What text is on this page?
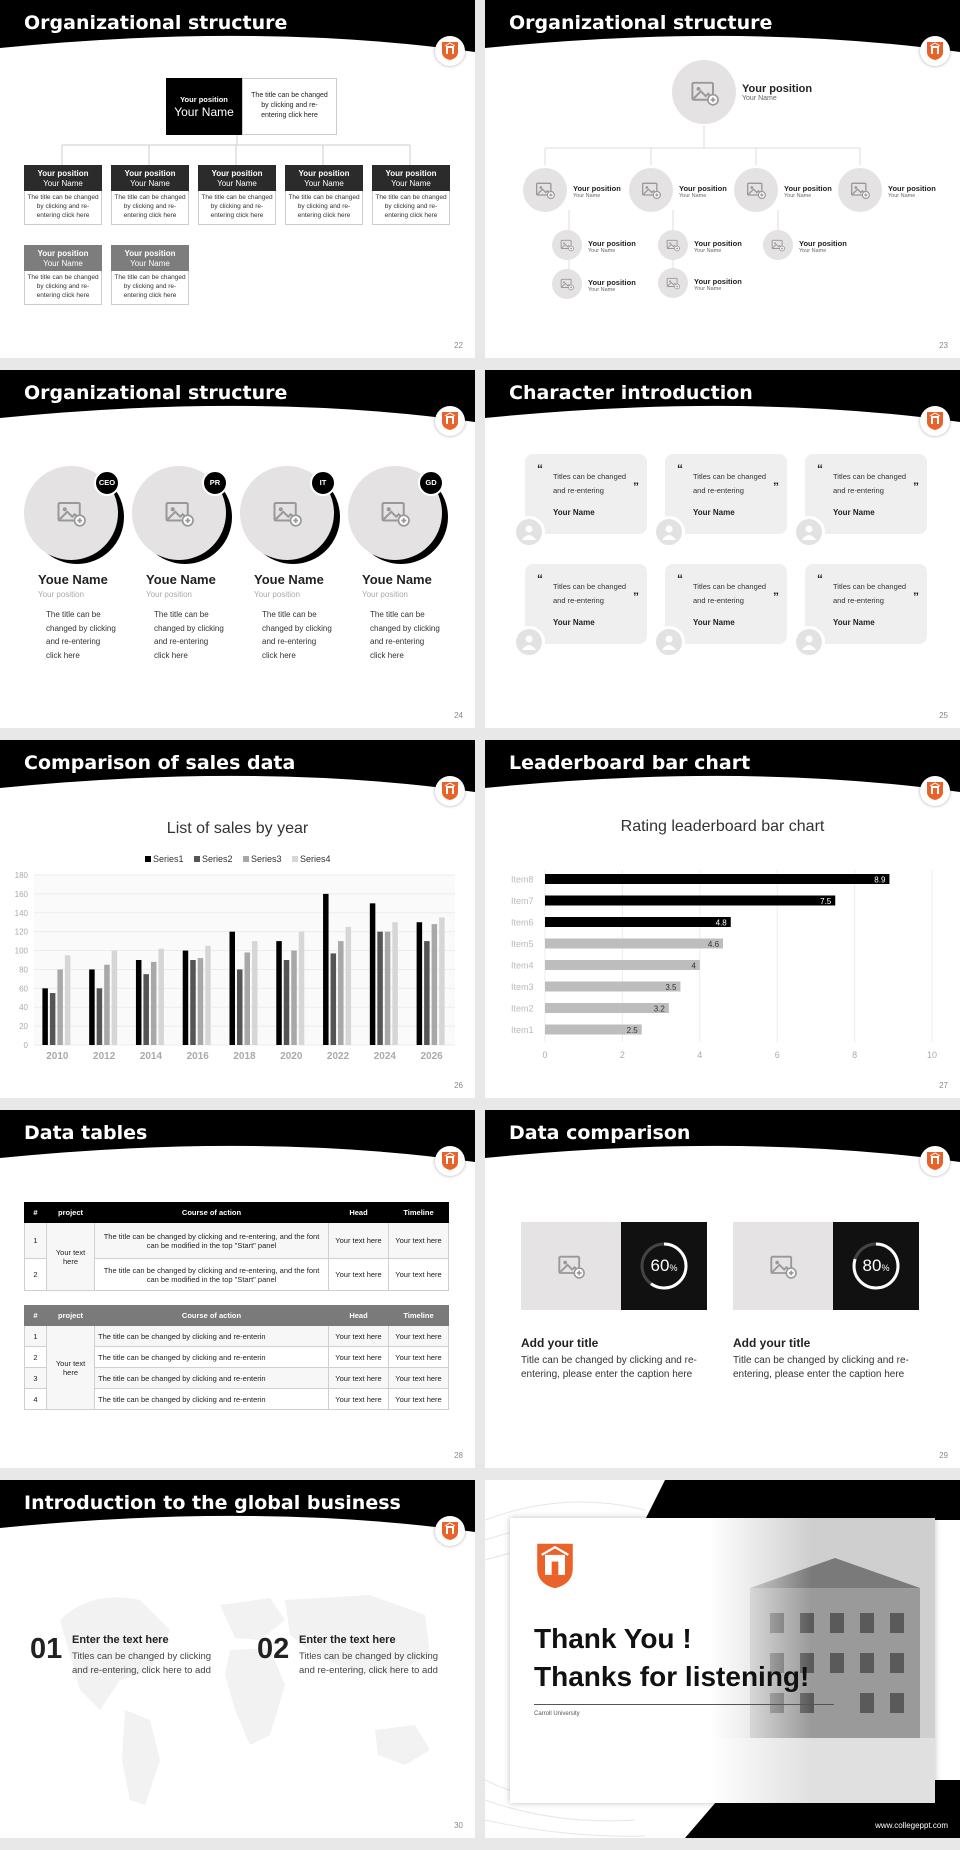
Organizational structure
Your position
Your Name
The title can be changed by clicking and re-entering click here
Your position
Your Name
The title can be changed by clicking and re-entering click here
Your position
Your Name
The title can be changed by clicking and re-entering click here
Your position
Your Name
The title can be changed by clicking and re-entering click here
Your position
Your Name
The title can be changed by clicking and re-entering click here
Your position
Your Name
The title can be changed by clicking and re-entering click here
Your position
Your Name
The title can be changed by clicking and re-entering click here
Your position
Your Name
The title can be changed by clicking and re-entering click here
22
Organizational structure
Your position
Your Name
Your position
Your Name
Your position
Your Name
Your position
Your Name
Your position
Your Name
Your position
Your Name
Your position
Your Name
Your position
Your Name
Your position
Your Name
Your position
Your Name
23
Organizational structure
CEO
Youe Name
Your position
The title can be changed by clicking and re-entering click here
PR
Youe Name
Your position
The title can be changed by clicking and re-entering click here
IT
Youe Name
Your position
The title can be changed by clicking and re-entering click here
GD
Youe Name
Your position
The title can be changed by clicking and re-entering click here
24
Character introduction
“
Titles can be changed and re-entering	”
Your Name
“
Titles can be changed and re-entering	”
Your Name
“
Titles can be changed and re-entering	”
Your Name
“
Titles can be changed and re-entering	”
Your Name
“
Titles can be changed and re-entering	”
Your Name
“
Titles can be changed and re-entering	”
Your Name
25
Comparison of sales data
List of sales by year
Series1 Series2 Series3 Series4
0
20
40
60
80
100
120
140
160
180
2010 2012 2014 2016 2018 2020 2022 2024 2026
26
Leaderboard bar chart
Rating leaderboard bar chart
0	2	4	6	8	10
8.9
Item8
7.5
Item7
4.8
Item6
4.6
Item5
4
Item4
3.5
Item3
3.2
Item2
2.5
Item1
27
Data tables
#	project	Course of action	Head	Timeline
1	Your text here	The title can be changed by clicking and re-entering, and the font can be modified in the top "Start" panel	Your text here	Your text here
2		The title can be changed by clicking and re-entering, and the font can be modified in the top "Start" panel	Your text here	Your text here
#	project	Course of action	Head	Timeline
1	Your text here	The title can be changed by clicking and re-enterin	Your text here	Your text here
2		The title can be changed by clicking and re-enterin	Your text here	Your text here
3		The title can be changed by clicking and re-enterin	Your text here	Your text here
4		The title can be changed by clicking and re-enterin	Your text here	Your text here
28
Data comparison
60%
Add your title
Title can be changed by clicking and re-entering, please enter the caption here
80%
Add your title
Title can be changed by clicking and re-entering, please enter the caption here
29
Introduction to the global business
01 Enter the text here
Titles can be changed by clicking and re-entering, click here to add
02 Enter the text here
Titles can be changed by clicking and re-entering, click here to add
30
Thank You !
Thanks for listening!
Carroll University
www.collegeppt.com
